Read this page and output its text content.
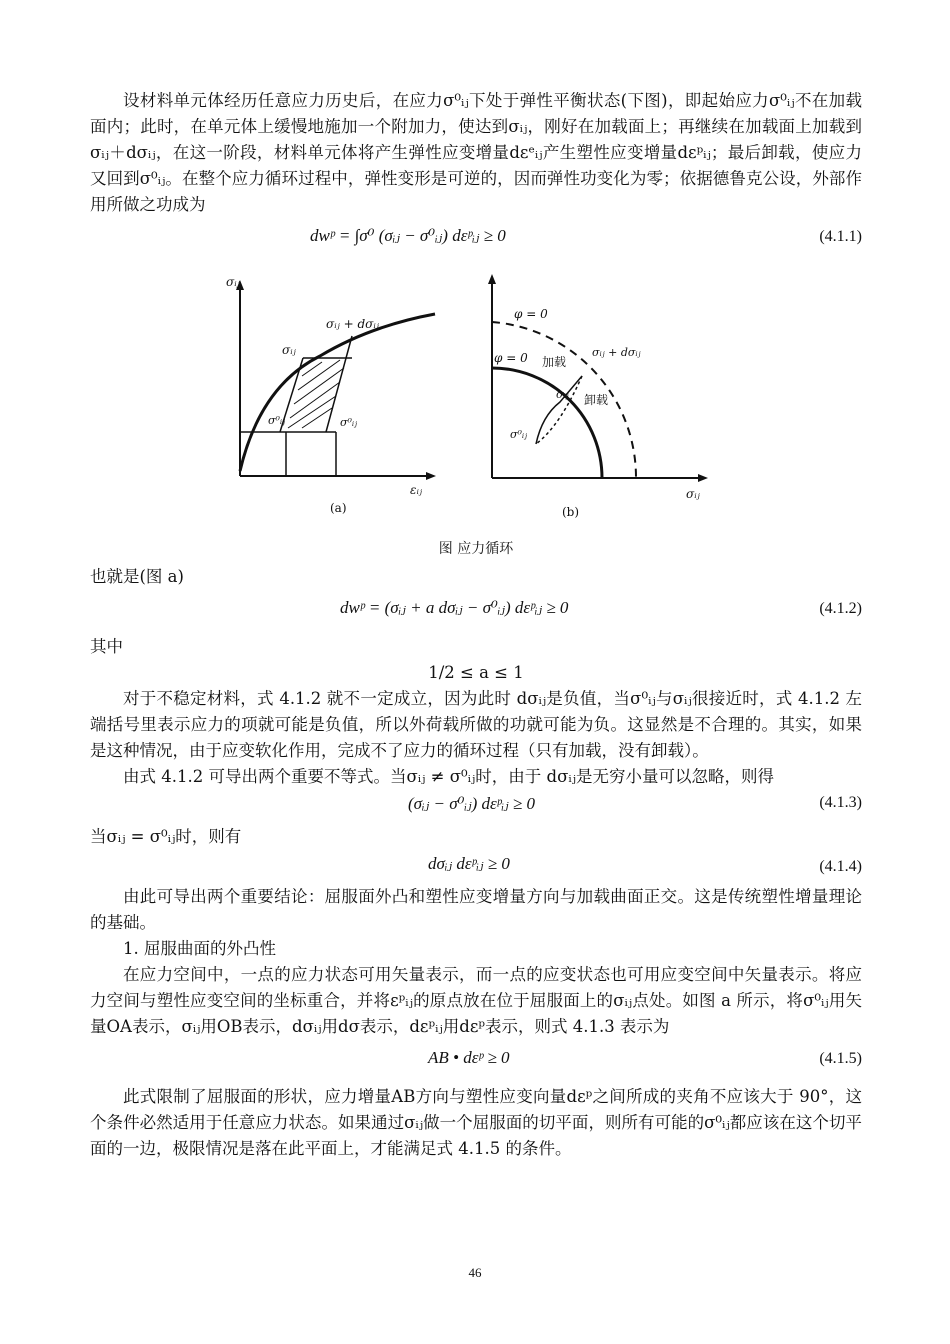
设材料单元体经历任意应力历史后，在应力σ⁰ᵢⱼ下处于弹性平衡状态(下图)，即起始应力σ⁰ᵢⱼ不在加载面内；此时，在单元体上缓慢地施加一个附加力，使达到σᵢⱼ，刚好在加载面上；再继续在加载面上加载到σᵢⱼ＋dσᵢⱼ，在这一阶段，材料单元体将产生弹性应变增量dεᵉᵢⱼ产生塑性应变增量dεᵖᵢⱼ；最后卸载，使应力又回到σ⁰ᵢⱼ。在整个应力循环过程中，弹性变形是可逆的，因而弹性功变化为零；依据德鲁克公设，外部作用所做之功成为

dwᵖ = ∫σ⁰ (σᵢⱼ − σ⁰ᵢⱼ) dεᵖᵢⱼ ≥ 0	(4.1.1)
σᵢⱼ
εᵢⱼ
σᵢⱼ + dσᵢⱼ
σᵢⱼ
σ⁰ᵢⱼ	σ⁰ᵢⱼ
(a)
φ = 0
φ = 0 加载
卸载
σᵢⱼ + dσᵢⱼ
σᵢⱼ
σ⁰ᵢⱼ
σᵢⱼ
(b)
图 应力循环

也就是(图 a)

dwᵖ = (σᵢⱼ + a dσᵢⱼ − σ⁰ᵢⱼ) dεᵖᵢⱼ ≥ 0	(4.1.2)

其中

1/2 ≤ a ≤ 1

对于不稳定材料，式 4.1.2 就不一定成立，因为此时 dσᵢⱼ是负值，当σ⁰ᵢⱼ与σᵢⱼ很接近时，式 4.1.2 左端括号里表示应力的项就可能是负值，所以外荷载所做的功就可能为负。这显然是不合理的。其实，如果是这种情况，由于应变软化作用，完成不了应力的循环过程（只有加载，没有卸载）。

由式 4.1.2 可导出两个重要不等式。当σᵢⱼ ≠ σ⁰ᵢⱼ时，由于 dσᵢⱼ是无穷小量可以忽略，则得

(σᵢⱼ − σ⁰ᵢⱼ) dεᵖᵢⱼ ≥ 0	(4.1.3)

当σᵢⱼ = σ⁰ᵢⱼ时，则有

dσᵢⱼ dεᵖᵢⱼ ≥ 0	(4.1.4)

由此可导出两个重要结论：屈服面外凸和塑性应变增量方向与加载曲面正交。这是传统塑性增量理论的基础。

1. 屈服曲面的外凸性

在应力空间中，一点的应力状态可用矢量表示，而一点的应变状态也可用应变空间中矢量表示。将应力空间与塑性应变空间的坐标重合，并将εᵖᵢⱼ的原点放在位于屈服面上的σᵢⱼ点处。如图 a 所示，将σ⁰ᵢⱼ用矢量OA表示，σᵢⱼ用OB表示，dσᵢⱼ用dσ表示，dεᵖᵢⱼ用dεᵖ表示，则式 4.1.3 表示为

AB • dεᵖ ≥ 0	(4.1.5)

此式限制了屈服面的形状，应力增量AB方向与塑性应变向量dεᵖ之间所成的夹角不应该大于 90°，这个条件必然适用于任意应力状态。如果通过σᵢⱼ做一个屈服面的切平面，则所有可能的σ⁰ᵢⱼ都应该在这个切平面的一边，极限情况是落在此平面上，才能满足式 4.1.5 的条件。

46
